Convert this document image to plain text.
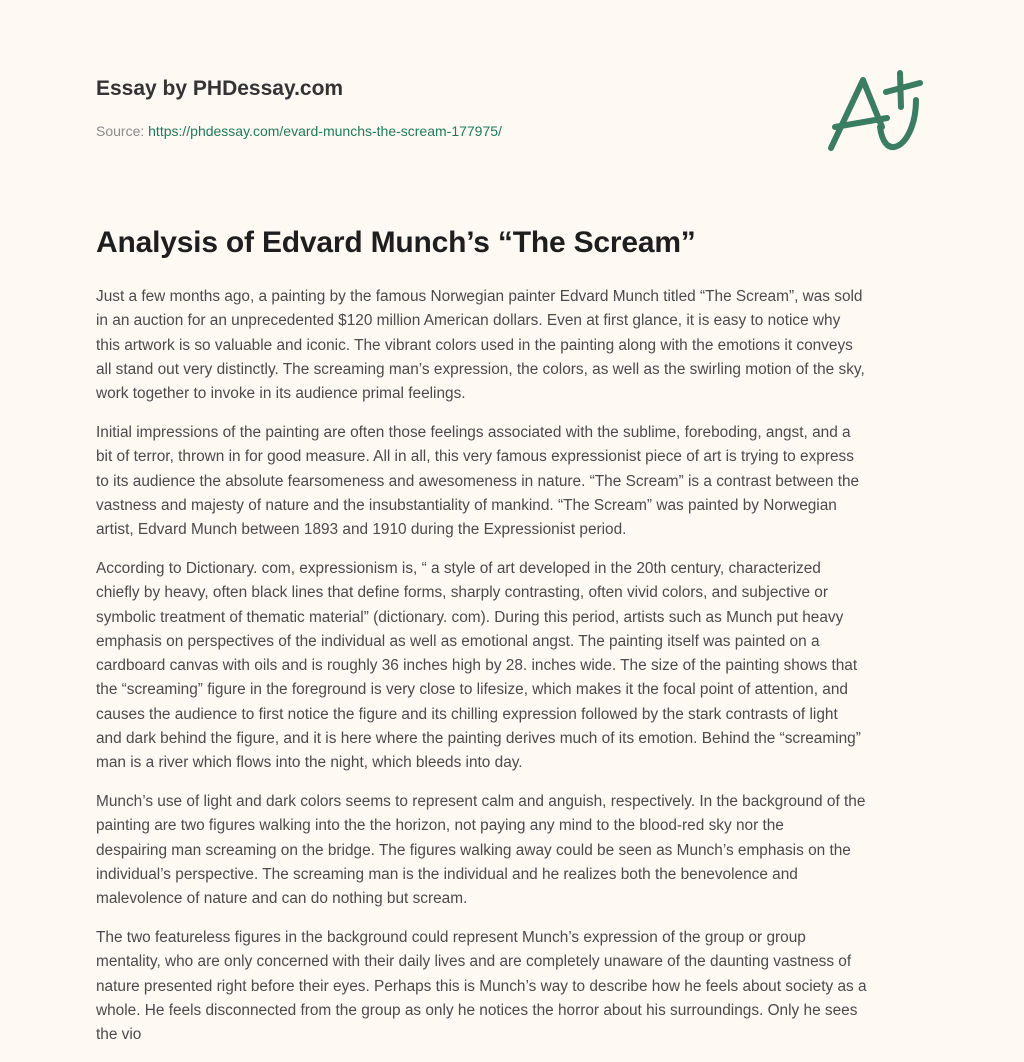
Essay by PHDessay.com
Source: https://phdessay.com/evard-munchs-the-scream-177975/
Analysis of Edvard Munch’s “The Scream”

Just a few months ago, a painting by the famous Norwegian painter Edvard Munch titled “The Scream”, was sold
in an auction for an unprecedented $120 million American dollars. Even at first glance, it is easy to notice why
this artwork is so valuable and iconic. The vibrant colors used in the painting along with the emotions it conveys
all stand out very distinctly. The screaming man’s expression, the colors, as well as the swirling motion of the sky,
work together to invoke in its audience primal feelings.

Initial impressions of the painting are often those feelings associated with the sublime, foreboding, angst, and a
bit of terror, thrown in for good measure. All in all, this very famous expressionist piece of art is trying to express
to its audience the absolute fearsomeness and awesomeness in nature. “The Scream” is a contrast between the
vastness and majesty of nature and the insubstantiality of mankind. “The Scream” was painted by Norwegian
artist, Edvard Munch between 1893 and 1910 during the Expressionist period.

According to Dictionary. com, expressionism is, “ a style of art developed in the 20th century, characterized
chiefly by heavy, often black lines that define forms, sharply contrasting, often vivid colors, and subjective or
symbolic treatment of thematic material” (dictionary. com). During this period, artists such as Munch put heavy
emphasis on perspectives of the individual as well as emotional angst. The painting itself was painted on a
cardboard canvas with oils and is roughly 36 inches high by 28. inches wide. The size of the painting shows that
the “screaming” figure in the foreground is very close to lifesize, which makes it the focal point of attention, and
causes the audience to first notice the figure and its chilling expression followed by the stark contrasts of light
and dark behind the figure, and it is here where the painting derives much of its emotion. Behind the “screaming”
man is a river which flows into the night, which bleeds into day.

Munch’s use of light and dark colors seems to represent calm and anguish, respectively. In the background of the
painting are two figures walking into the the horizon, not paying any mind to the blood-red sky nor the
despairing man screaming on the bridge. The figures walking away could be seen as Munch’s emphasis on the
individual’s perspective. The screaming man is the individual and he realizes both the benevolence and
malevolence of nature and can do nothing but scream.

The two featureless figures in the background could represent Munch’s expression of the group or group
mentality, who are only concerned with their daily lives and are completely unaware of the daunting vastness of
nature presented right before their eyes. Perhaps this is Munch’s way to describe how he feels about society as a
whole. He feels disconnected from the group as only he notices the horror about his surroundings. Only he sees
the vio
